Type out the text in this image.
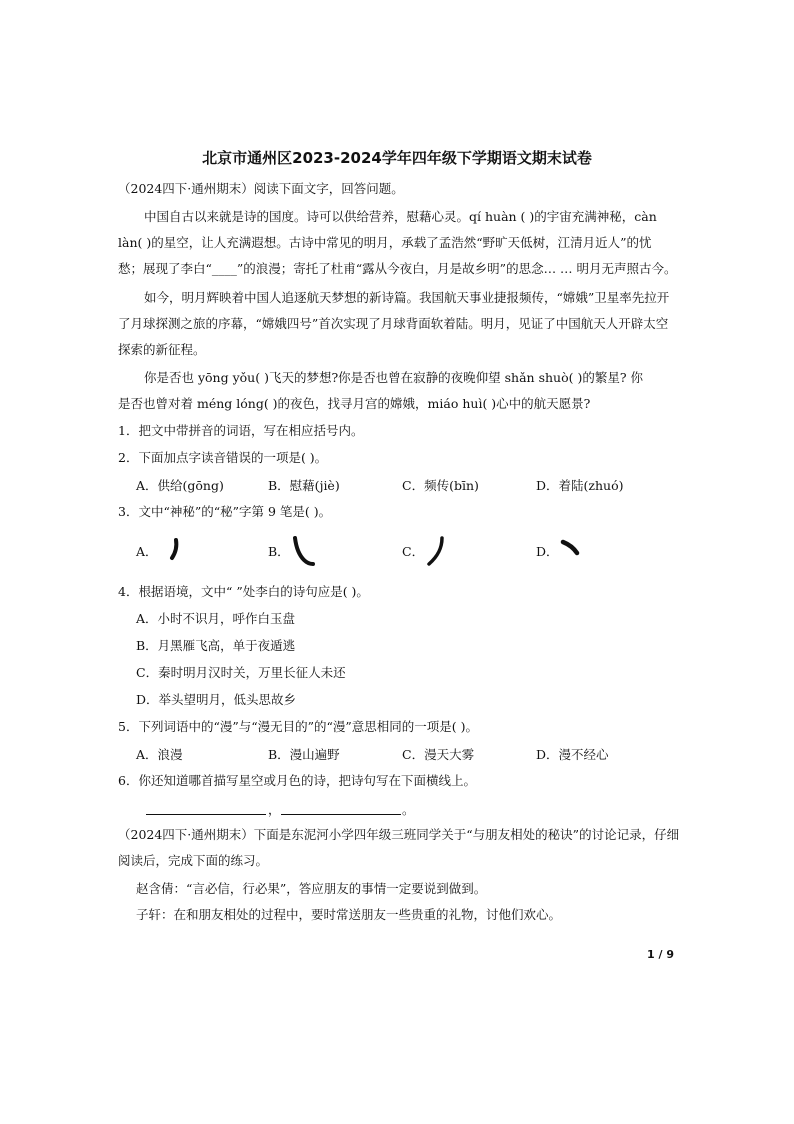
北京市通州区2023-2024学年四年级下学期语文期末试卷
（2024四下·通州期末）阅读下面文字，回答问题。
中国自古以来就是诗的国度。诗可以供给营养，慰藉心灵。qí huàn ( )的宇宙充满神秘，càn
làn( )的星空，让人充满遐想。古诗中常见的明月，承载了孟浩然“野旷天低树，江清月近人”的忧
愁；展现了李白“____”的浪漫；寄托了杜甫“露从今夜白，月是故乡明”的思念… … 明月无声照古今。
如今，明月辉映着中国人追逐航天梦想的新诗篇。我国航天事业捷报频传，“嫦娥”卫星率先拉开
了月球探测之旅的序幕，“嫦娥四号”首次实现了月球背面软着陆。明月，见证了中国航天人开辟太空
探索的新征程。
你是否也 yōng yǒu( )飞天的梦想?你是否也曾在寂静的夜晚仰望 shǎn shuò( )的繁星? 你
是否也曾对着 méng lóng( )的夜色，找寻月宫的嫦娥，miáo huì( )心中的航天愿景?
1．把文中带拼音的词语，写在相应括号内。
2．下面加点字读音错误的一项是( )。
A．供给(gōng)	B．慰藉(jiè)	C．频传(bīn)	D．着陆(zhuó)
3．文中“神秘”的“秘”字第 9 笔是( )。
A．	B．	C．	D．
4．根据语境，文中“ ”处李白的诗句应是( )。
A．小时不识月，呼作白玉盘
B．月黑雁飞高，单于夜遁逃
C．秦时明月汉时关，万里长征人未还
D．举头望明月，低头思故乡
5．下列词语中的“漫”与“漫无目的”的“漫”意思相同的一项是( )。
A．浪漫	B．漫山遍野	C．漫天大雾	D．漫不经心
6．你还知道哪首描写星空或月色的诗，把诗句写在下面横线上。
，	。
（2024四下·通州期末）下面是东泥河小学四年级三班同学关于“与朋友相处的秘诀”的讨论记录，仔细
阅读后，完成下面的练习。
赵含倩：“言必信，行必果”，答应朋友的事情一定要说到做到。
子轩：在和朋友相处的过程中，要时常送朋友一些贵重的礼物，讨他们欢心。
1 / 9
